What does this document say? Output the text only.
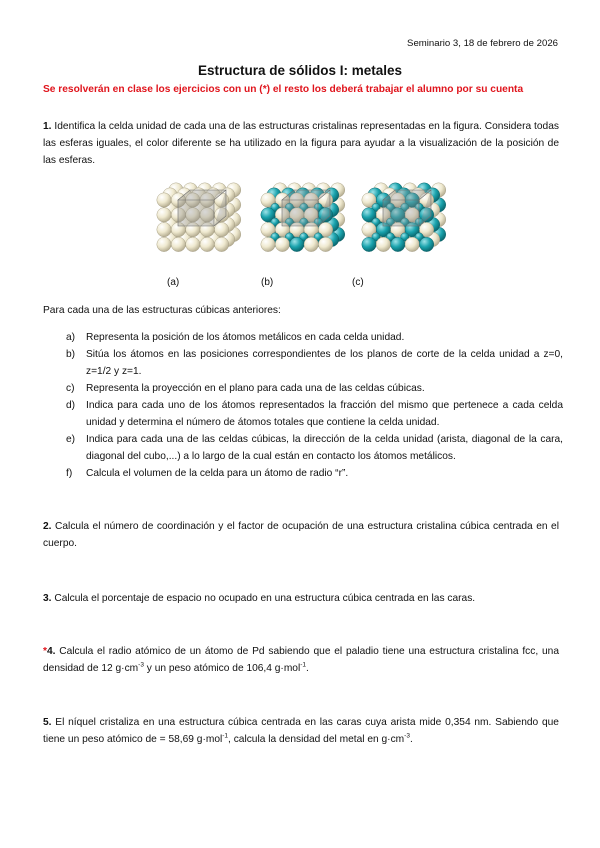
Seminario 3, 18 de febrero de 2026
Estructura de sólidos I: metales
Se resolverán en clase los ejercicios con un (*) el resto los deberá trabajar el alumno por su cuenta
1. Identifica la celda unidad de cada una de las estructuras cristalinas representadas en la figura. Considera todas las esferas iguales, el color diferente se ha utilizado en la figura para ayudar a la visualización de la posición de las esferas.
(a)	(b)	(c)
Para cada una de las estructuras cúbicas anteriores:
a) Representa la posición de los átomos metálicos en cada celda unidad.
b) Sitúa los átomos en las posiciones correspondientes de los planos de corte de la celda unidad a z=0, z=1/2 y z=1.
c) Representa la proyección en el plano para cada una de las celdas cúbicas.
d) Indica para cada uno de los átomos representados la fracción del mismo que pertenece a cada celda unidad y determina el número de átomos totales que contiene la celda unidad.
e) Indica para cada una de las celdas cúbicas, la dirección de la celda unidad (arista, diagonal de la cara, diagonal del cubo,...) a lo largo de la cual están en contacto los átomos metálicos.
f) Calcula el volumen de la celda para un átomo de radio “r”.
2. Calcula el número de coordinación y el factor de ocupación de una estructura cristalina cúbica centrada en el cuerpo.
3. Calcula el porcentaje de espacio no ocupado en una estructura cúbica centrada en las caras.
*4. Calcula el radio atómico de un átomo de Pd sabiendo que el paladio tiene una estructura cristalina fcc, una densidad de 12 $g\cdot cm^{-3}$ y un peso atómico de 106,4 g·mol$^{-1}$.
5. El níquel cristaliza en una estructura cúbica centrada en las caras cuya arista mide 0,354 nm. Sabiendo que tiene un peso atómico de = 58,69 g·mol$^{-1}$, calcula la densidad del metal en $g\cdot cm^{-3}$.
